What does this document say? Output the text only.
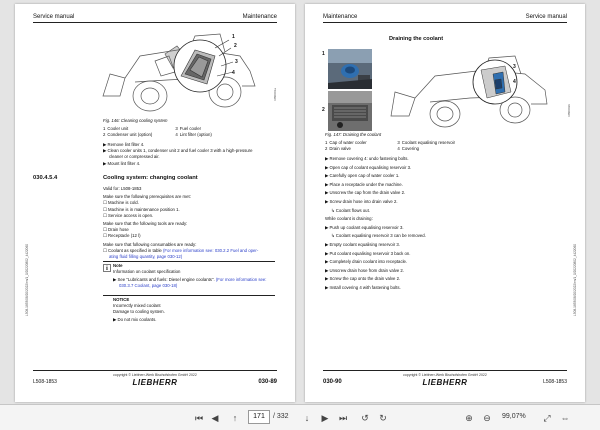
Service manual	Maintenance
1
2
3
4
RB0001a
Fig. 146: Cleaning cooling system
1	Cooler unit	3	Fuel cooler
2	Condenser unit (option)	4	Lint filter (option)
▶ Remove lint filter 4.
▶ Clean cooler units 1, condenser unit 2 and fuel cooler 3 with a high-pressure
cleaner or compressed air.
▶ Mount lint filter 4.
030.4.5.4	Cooling system: changing coolant
Valid for: L508-1853
Make sure the following prerequisites are met:
☐ Machine is cold.
☐ Machine is in maintenance position 1.
☐ Service access is open.
Make sure that the following tools are ready:
☐ Drain hose
☐ Receptacle (12 l)
Make sure that following consumables are ready:
☐ Coolant as specified in table (For more information see: 030.2.2 Fuel and oper-
ating fluid filling quantity, page 030-12)
i
Note
Information on coolant specification
▶ See "Lubricants and fuels: Diesel engine coolants". (For more information see:
030.3.7 Coolant, page 030-18)
NOTICE
Incorrectly mixed coolant
Damage to cooling system.
▶ Do not mix coolants.
L508-1853/08/20/2022/en/1_0/20220802_4422060
copyright © Liebherr-Werk Bischofshofen GmbH 2022
L508-1853	LIEBHERR	030-89
Maintenance	Service manual
Draining the coolant
1
2
3
4
RB0002b
Fig. 147: Draining the coolant
1	Cap of water cooler	3	Coolant equalising reservoir
2	Drain valve	4	Covering
▶ Remove covering 4: undo fastening bolts.
▶ Open cap of coolant equalising reservoir 3.
▶ Carefully open cap of water cooler 1.
▶ Place a receptacle under the machine.
▶ Unscrew the cap from the drain valve 2.
▶ Screw drain hose into drain valve 2.
↳ Coolant flows out.
While coolant is draining:
▶ Push up coolant equalising reservoir 3.
↳ Coolant equalising reservoir 3 can be removed.
▶ Empty coolant equalising reservoir 3.
▶ Put coolant equalising reservoir 3 back on.
▶ Completely drain coolant into receptacle.
▶ Unscrew drain hose from drain valve 2.
▶ Screw the cap onto the drain valve 2.
▶ Install covering 4 with fastening bolts.	L508-1853/08/20/2022/en/1_0/20220802_4422060
copyright © Liebherr-Werk Bischofshofen GmbH 2022
030-90	LIEBHERR	L508-1853
⏮ ◀	↑	171	/ 332	↓	▶	⏭	↺	↻	⊕	⊖	99,07%	⤢	⇔
